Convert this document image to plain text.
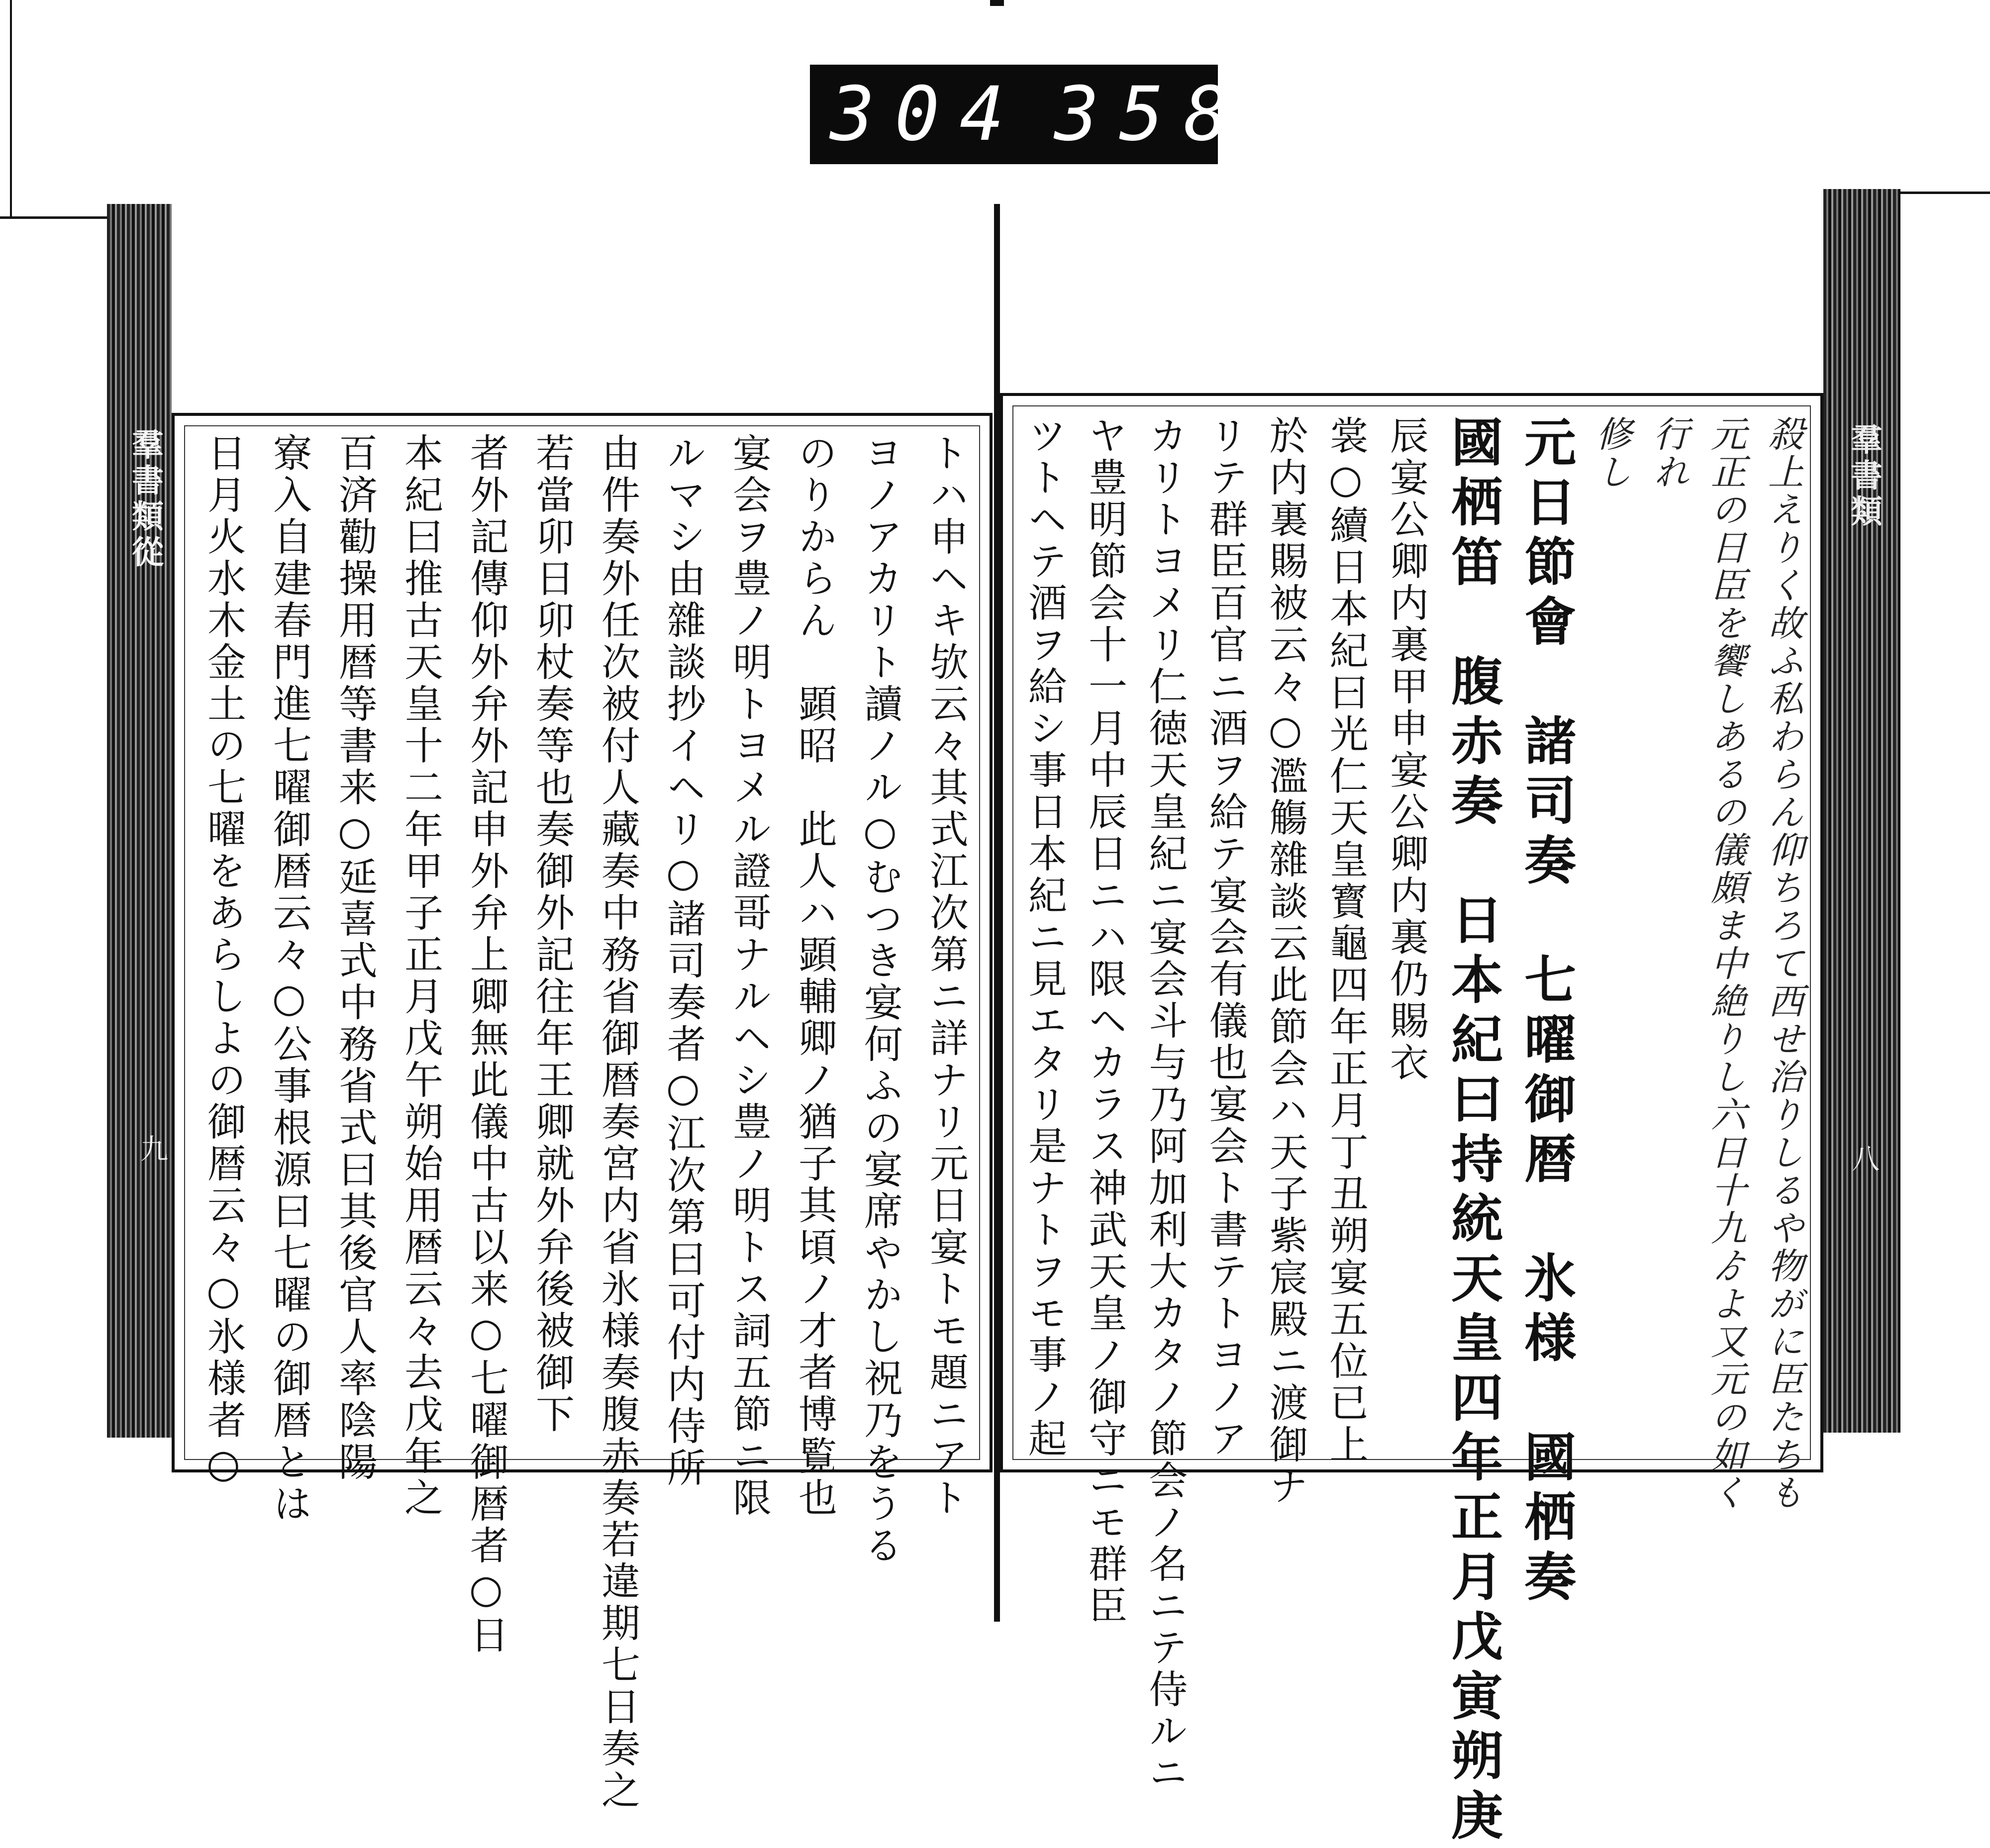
304 358.
羣書類從	羣書類
九	八
殺上えりく故ふ私わらん仰ちろて西せ治りしるや物がに臣たちも
元正の日臣を饗しあるの儀頗ま中絶りし六日十九ゟよ又元の如く
行れ
修し
元日節會　諸司奏　七曜御暦　氷様　國栖奏
國栖笛　腹赤奏　日本紀曰持統天皇四年正月戊寅朔庚
辰宴公卿内裏甲申宴公卿内裏仍賜衣
裳○續日本紀曰光仁天皇寳龜四年正月丁丑朔宴五位已上
於内裏賜被云々○濫觴雜談云此節会ハ天子紫宸殿ニ渡御ナ
リテ群臣百官ニ酒ヲ給テ宴会有儀也宴会ト書テトヨノア
カリトヨメリ仁徳天皇紀ニ宴会斗与乃阿加利大カタノ節会ノ名ニテ侍ルニ
ヤ豊明節会十一月中辰日ニハ限ヘカラス神武天皇ノ御守ニモ群臣
ツトヘテ酒ヲ給シ事日本紀ニ見エタリ是ナトヲモ事ノ起
トハ申ヘキ欤云々其式江次第ニ詳ナリ元日宴トモ題ニアト
ヨノアカリト讀ノル○むつき宴何ふの宴席やかし祝乃をうる
のりからん　顕昭　此人ハ顕輔卿ノ猶子其頃ノ才者博覧也
宴会ヲ豊ノ明トヨメル證哥ナルヘシ豊ノ明トス詞五節ニ限
ルマシ由雜談抄イヘリ○諸司奏者○江次第曰可付内侍所
由件奏外任次被付人藏奏中務省御暦奏宮内省氷様奏腹赤奏若違期七日奏之
若當卯日卯杖奏等也奏御外記往年王卿就外弁後被御下
者外記傳仰外弁外記申外弁上卿無此儀中古以来○七曜御暦者○日
本紀曰推古天皇十二年甲子正月戊午朔始用暦云々去戊年之
百済勸操用暦等書来○延喜式中務省式曰其後官人率陰陽
寮入自建春門進七曜御暦云々○公事根源曰七曜の御暦とは
日月火水木金土の七曜をあらしよの御暦云々○氷様者○
